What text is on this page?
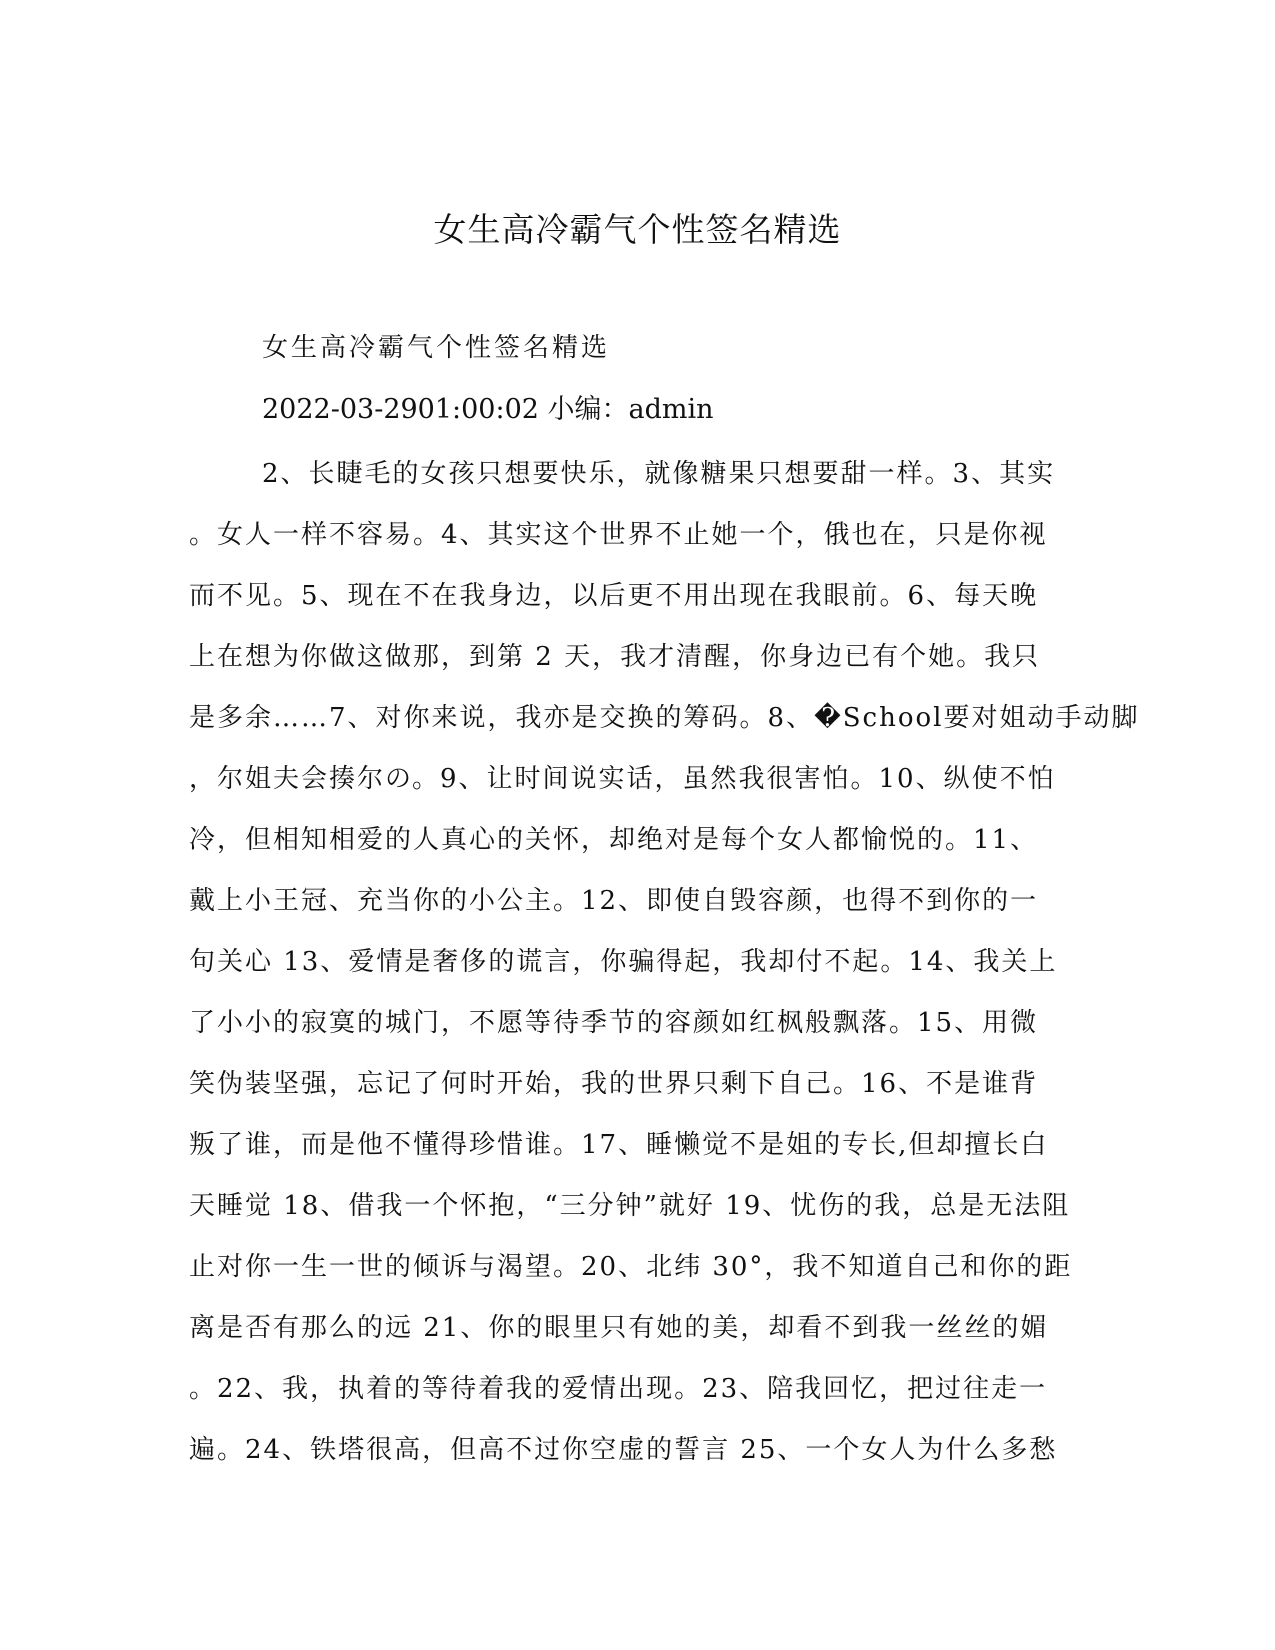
女生高冷霸气个性签名精选

女生高冷霸气个性签名精选

2022-03-2901:00:02 小编：admin

2、长睫毛的女孩只想要快乐，就像糖果只想要甜一样。3、其实
。女人一样不容易。4、其实这个世界不止她一个，俄也在，只是你视
而不见。5、现在不在我身边，以后更不用出现在我眼前。6、每天晚
上在想为你做这做那，到第 2 天，我才清醒，你身边已有个她。我只
是多余……7、对你来说，我亦是交换的筹码。8、�School要对姐动手动脚
，尔姐夫会揍尔の。9、让时间说实话，虽然我很害怕。10、纵使不怕
冷，但相知相爱的人真心的关怀，却绝对是每个女人都愉悦的。11、
戴上小王冠、充当你的小公主。12、即使自毁容颜，也得不到你的一
句关心 13、爱情是奢侈的谎言，你骗得起，我却付不起。14、我关上
了小小的寂寞的城门，不愿等待季节的容颜如红枫般飘落。15、用微
笑伪装坚强，忘记了何时开始，我的世界只剩下自己。16、不是谁背
叛了谁，而是他不懂得珍惜谁。17、睡懒觉不是姐的专长,但却擅长白
天睡觉 18、借我一个怀抱，“三分钟”就好 19、忧伤的我，总是无法阻
止对你一生一世的倾诉与渴望。20、北纬 30°，我不知道自己和你的距
离是否有那么的远 21、你的眼里只有她的美，却看不到我一丝丝的媚
。22、我，执着的等待着我的爱情出现。23、陪我回忆，把过往走一
遍。24、铁塔很高，但高不过你空虚的誓言 25、一个女人为什么多愁
